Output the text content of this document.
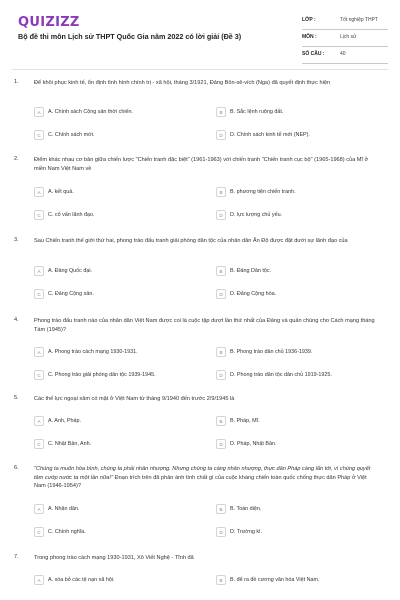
QUIZIZZ
Bộ đề thi môn Lịch sử THPT Quốc Gia năm 2022 có lời giải (Đề 3)
LỚP :	Tốt nghiệp THPT
MÔN :	Lịch sử
SỐ CÂU :	40
1.	Để khôi phục kinh tế, ổn định tình hình chính trị - xã hội, tháng 3/1921, Đảng Bôn-sê-vích (Nga) đã quyết định thực hiện
A	A. Chính sách Cộng sản thời chiến.	B	B. Sắc lệnh ruộng đất.
C	C. Chính sách mới.	D	D. Chính sách kinh tế mới (NEP).
2.	Điểm khác nhau cơ bản giữa chiến lược "Chiến tranh đặc biệt" (1961-1963) với chiến tranh "Chiến tranh cục bộ" (1965-1968) của Mĩ ở miền Nam Việt Nam về
A	A. kết quả.	B	B. phương tiện chiến tranh.
C	C. cố vấn lãnh đạo.	D	D. lực lượng chủ yếu.
3.	Sau Chiến tranh thế giới thứ hai, phong trào đấu tranh giải phóng dân tộc của nhân dân Ấn Độ được đặt dưới sự lãnh đạo của
A	A. Đảng Quốc đại.	B	B. Đảng Dân tộc.
C	C. Đảng Cộng sản.	D	D. Đảng Cộng hòa.
4.	Phong trào đấu tranh nào của nhân dân Việt Nam được coi là cuộc tập dượt lần thứ nhất của Đảng và quần chúng cho Cách mạng tháng Tám (1945)?
A	A. Phong trào cách mạng 1930-1931.	B	B. Phong trào dân chủ 1936-1939.
C	C. Phong trào giải phóng dân tộc 1939-1945.	D	D. Phong trào dân tộc dân chủ 1919-1925.
5.	Các thế lực ngoại xâm có mặt ở Việt Nam từ tháng 9/1940 đến trước 2/9/1945 là
A	A. Anh, Pháp.	B	B. Pháp, Mĩ.
C	C. Nhật Bản, Anh.	D	D. Pháp, Nhật Bản.
6.	"Chúng ta muốn hòa bình, chúng ta phải nhân nhượng. Nhưng chúng ta càng nhân nhượng, thực dân Pháp càng lấn tới, vì chúng quyết tâm cướp nước ta một lần nữa!" Đoạn trích trên đã phản ánh tính chất gì của cuộc kháng chiến toàn quốc chống thực dân Pháp ở Việt Nam (1946-1954)?
A	A. Nhân dân.	B	B. Toàn diện.
C	C. Chính nghĩa.	D	D. Trường kì.
7.	Trong phong trào cách mạng 1930-1931, Xô Viết Nghệ - Tĩnh đã
A	A. xóa bỏ các tệ nạn xã hội.	B	B. để ra đề cương văn hóa Việt Nam.
